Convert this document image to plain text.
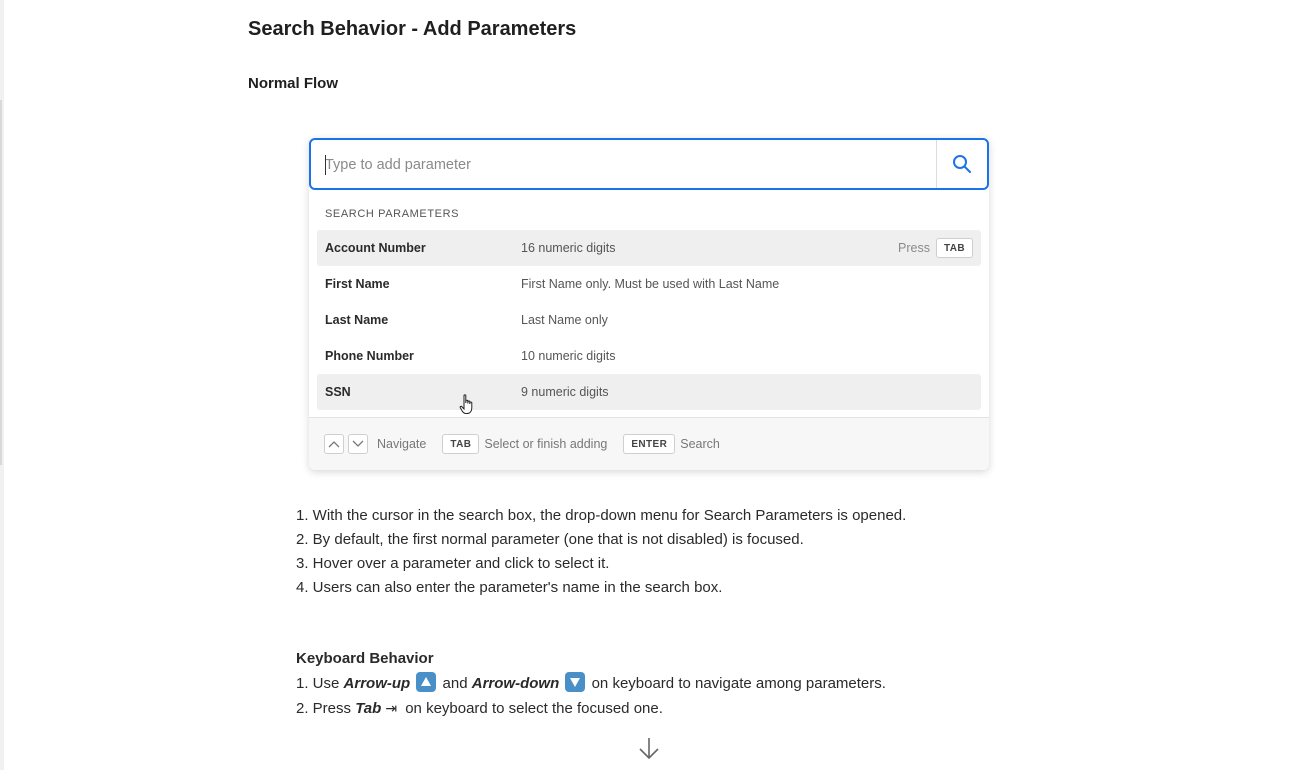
Search Behavior - Add Parameters
Normal Flow
Type to add parameter
SEARCH PARAMETERS
Account Number	16 numeric digits	Press	TAB
First Name	First Name only. Must be used with Last Name
Last Name	Last Name only
Phone Number	10 numeric digits
SSN	9 numeric digits
Navigate	TAB	Select or finish adding	ENTER	Search
1. With the cursor in the search box, the drop-down menu for Search Parameters is opened.
2. By default, the first normal parameter (one that is not disabled) is focused.
3. Hover over a parameter and click to select it.
4. Users can also enter the parameter's name in the search box.
Keyboard Behavior
1. Use Arrow-up
and Arrow-down
on keyboard to navigate among parameters.
2. Press Tab ⇥ on keyboard to select the focused one.
